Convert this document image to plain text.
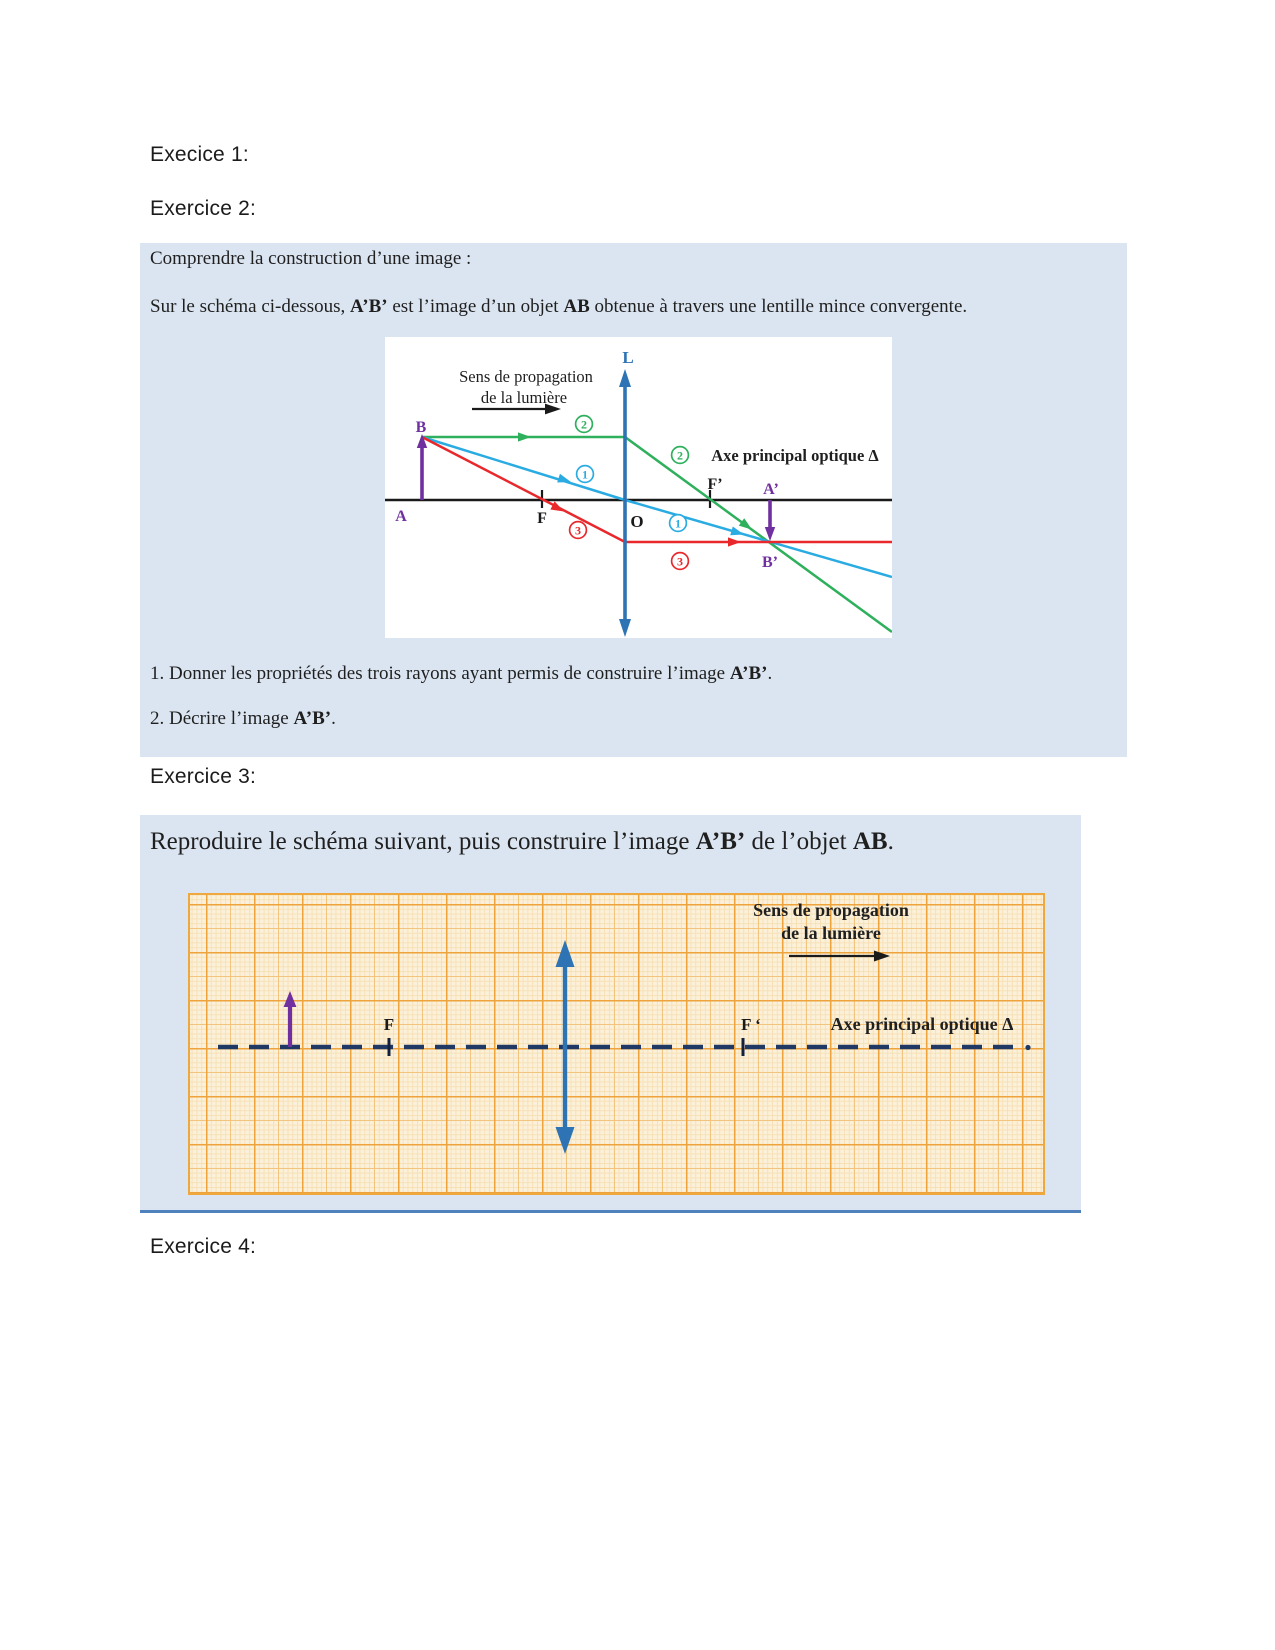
Execice 1:
Exercice 2:

Comprendre la construction d’une image :

Sur le schéma ci-dessous, A’B’ est l’image d’un objet AB obtenue à travers une lentille mince convergente.

2
1
3
2
1
3
L
Sens de propagation
de la lumière
Axe principal optique Δ
B
A	F	O
F’	A’
B’

1. Donner les propriétés des trois rayons ayant permis de construire l’image A’B’.

2. Décrire l’image A’B’.

Exercice 3:

Reproduire le schéma suivant, puis construire l’image A’B’ de l’objet AB.

Sens de propagation
de la lumière
F	F ‘	Axe principal optique Δ
Exercice 4:
